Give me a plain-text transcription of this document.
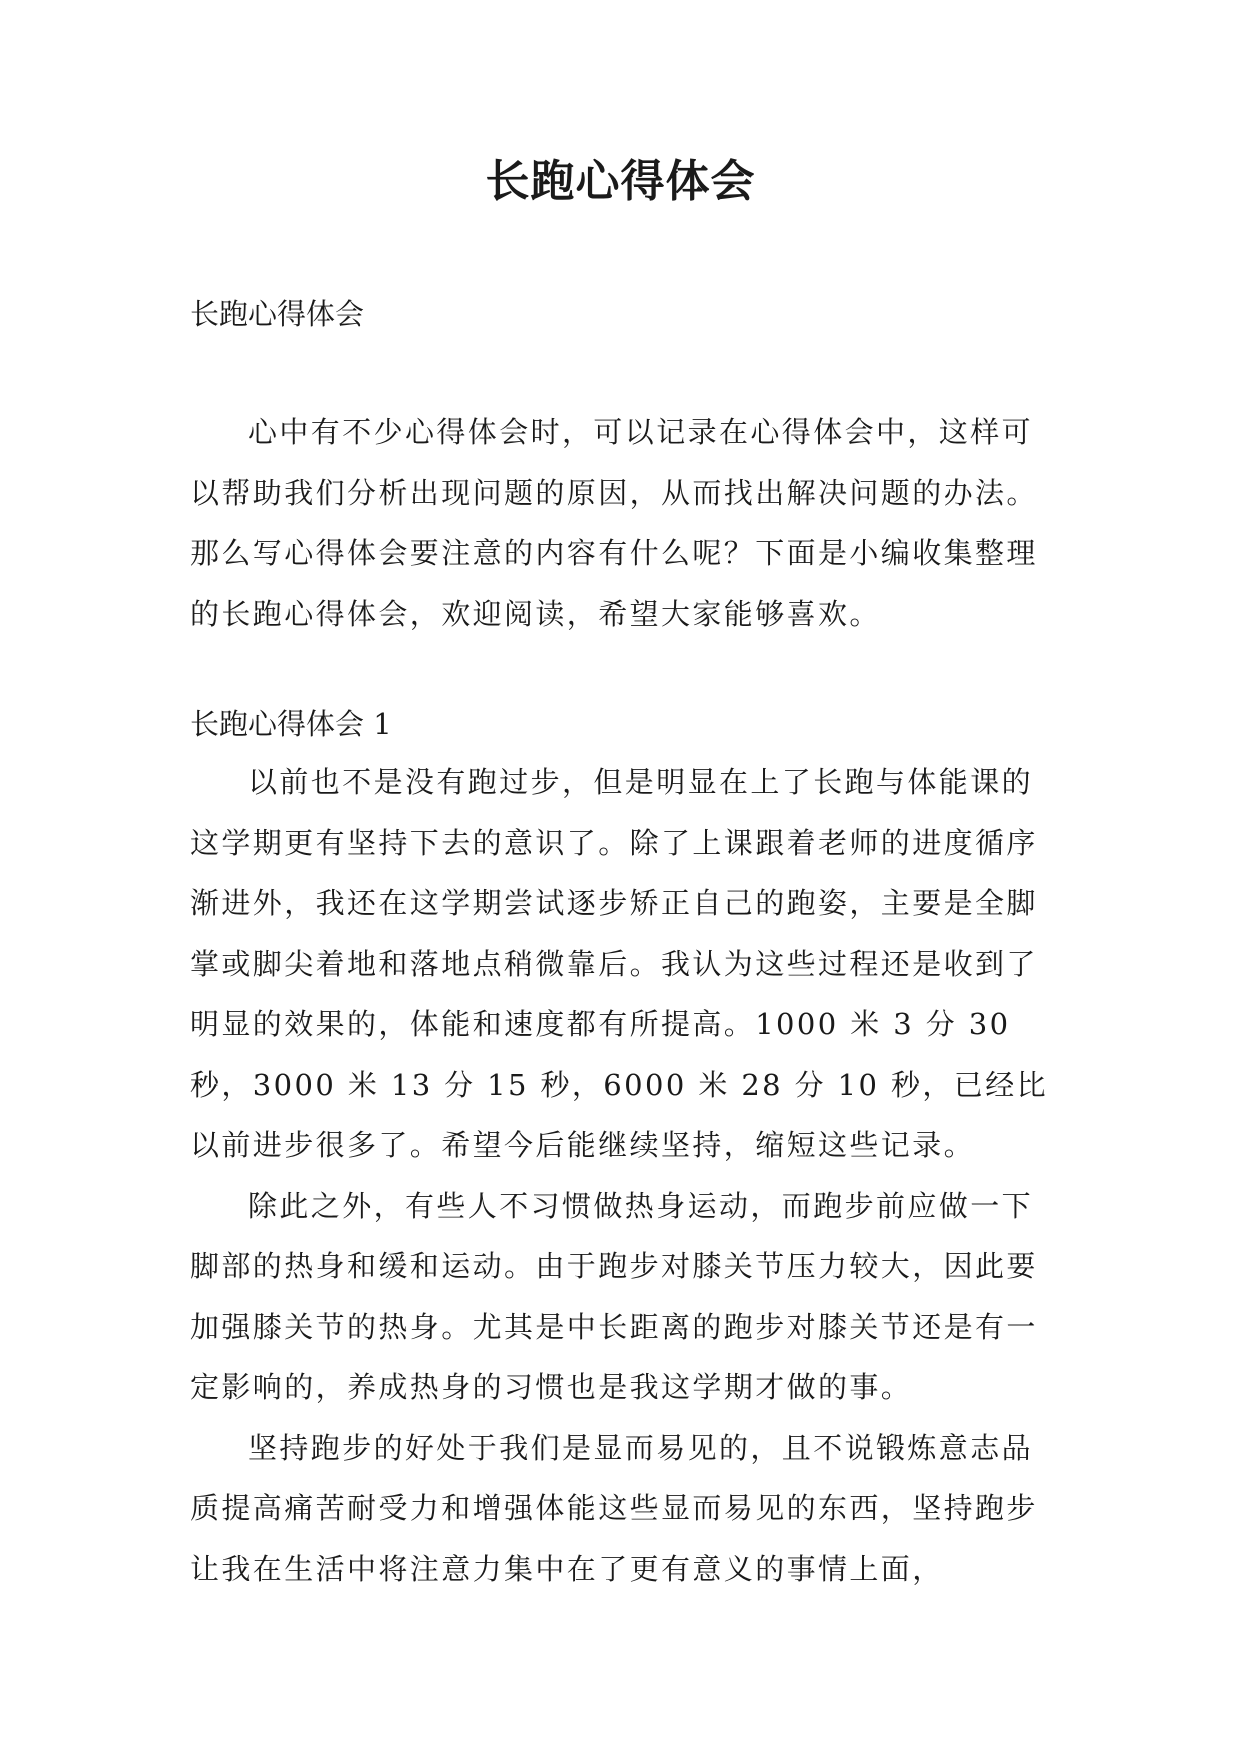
长跑心得体会
长跑心得体会

心中有不少心得体会时，可以记录在心得体会中，这样可以帮助我们分析出现问题的原因，从而找出解决问题的办法。那么写心得体会要注意的内容有什么呢？下面是小编收集整理的长跑心得体会，欢迎阅读，希望大家能够喜欢。

长跑心得体会 1

以前也不是没有跑过步，但是明显在上了长跑与体能课的这学期更有坚持下去的意识了。除了上课跟着老师的进度循序渐进外，我还在这学期尝试逐步矫正自己的跑姿，主要是全脚掌或脚尖着地和落地点稍微靠后。我认为这些过程还是收到了明显的效果的，体能和速度都有所提高。1000 米 3 分 30 秒，3000 米 13 分 15 秒，6000 米 28 分 10 秒，已经比以前进步很多了。希望今后能继续坚持，缩短这些记录。

除此之外，有些人不习惯做热身运动，而跑步前应做一下脚部的热身和缓和运动。由于跑步对膝关节压力较大，因此要加强膝关节的热身。尤其是中长距离的跑步对膝关节还是有一定影响的，养成热身的习惯也是我这学期才做的事。

坚持跑步的好处于我们是显而易见的，且不说锻炼意志品质提高痛苦耐受力和增强体能这些显而易见的东西，坚持跑步让我在生活中将注意力集中在了更有意义的事情上面，
